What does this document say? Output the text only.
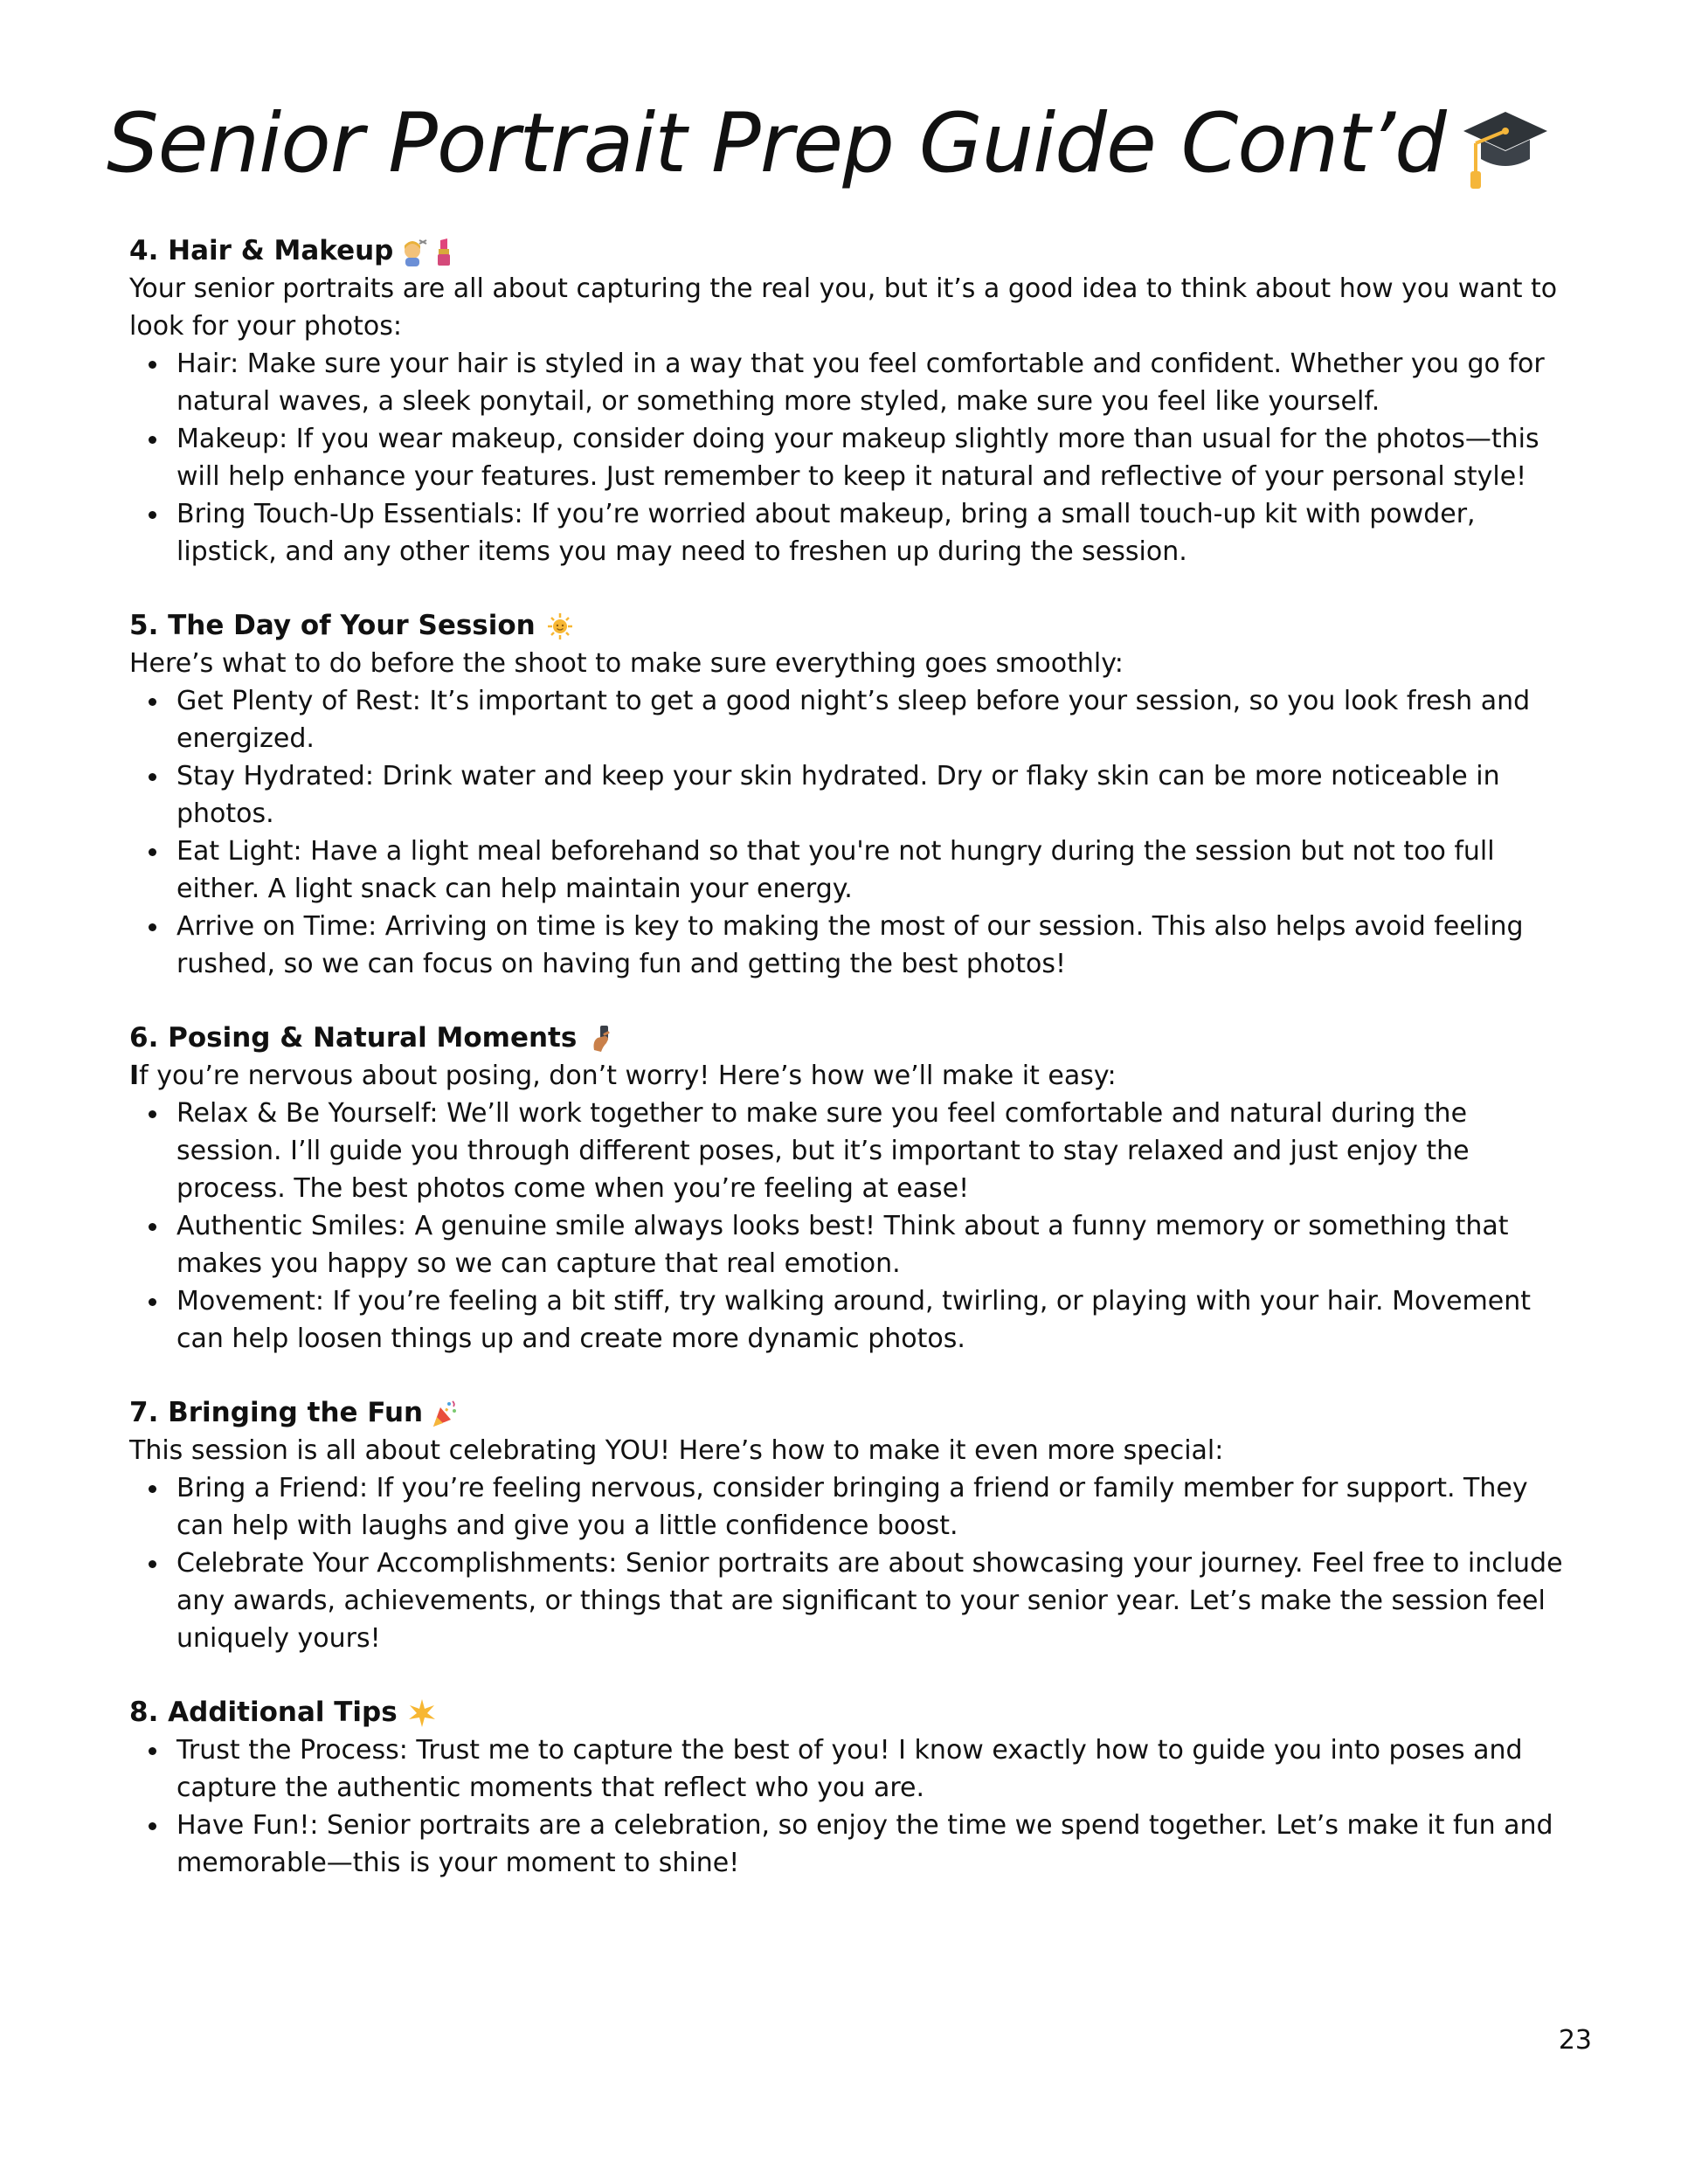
Senior Portrait Prep Guide Cont’d
4. Hair & Makeup

Your senior portraits are all about capturing the real you, but it’s a good idea to think about how you want to look for your photos:

Hair: Make sure your hair is styled in a way that you feel comfortable and confident. Whether you go for natural waves, a sleek ponytail, or something more styled, make sure you feel like yourself.
Makeup: If you wear makeup, consider doing your makeup slightly more than usual for the photos—this will help enhance your features. Just remember to keep it natural and reflective of your personal style!
Bring Touch-Up Essentials: If you’re worried about makeup, bring a small touch-up kit with powder, lipstick, and any other items you may need to freshen up during the session.
5. The Day of Your Session

Here’s what to do before the shoot to make sure everything goes smoothly:

Get Plenty of Rest: It’s important to get a good night’s sleep before your session, so you look fresh and energized.
Stay Hydrated: Drink water and keep your skin hydrated. Dry or flaky skin can be more noticeable in photos.
Eat Light: Have a light meal beforehand so that you're not hungry during the session but not too full either. A light snack can help maintain your energy.
Arrive on Time: Arriving on time is key to making the most of our session. This also helps avoid feeling rushed, so we can focus on having fun and getting the best photos!
6. Posing & Natural Moments

If you’re nervous about posing, don’t worry! Here’s how we’ll make it easy:

Relax & Be Yourself: We’ll work together to make sure you feel comfortable and natural during the session. I’ll guide you through different poses, but it’s important to stay relaxed and just enjoy the process. The best photos come when you’re feeling at ease!
Authentic Smiles: A genuine smile always looks best! Think about a funny memory or something that makes you happy so we can capture that real emotion.
Movement: If you’re feeling a bit stiff, try walking around, twirling, or playing with your hair. Movement can help loosen things up and create more dynamic photos.
7. Bringing the Fun

This session is all about celebrating YOU! Here’s how to make it even more special:

Bring a Friend: If you’re feeling nervous, consider bringing a friend or family member for support. They can help with laughs and give you a little confidence boost.
Celebrate Your Accomplishments: Senior portraits are about showcasing your journey. Feel free to include any awards, achievements, or things that are significant to your senior year. Let’s make the session feel uniquely yours!
8. Additional Tips
Trust the Process: Trust me to capture the best of you! I know exactly how to guide you into poses and capture the authentic moments that reflect who you are.
Have Fun!: Senior portraits are a celebration, so enjoy the time we spend together. Let’s make it fun and memorable—this is your moment to shine!
23
